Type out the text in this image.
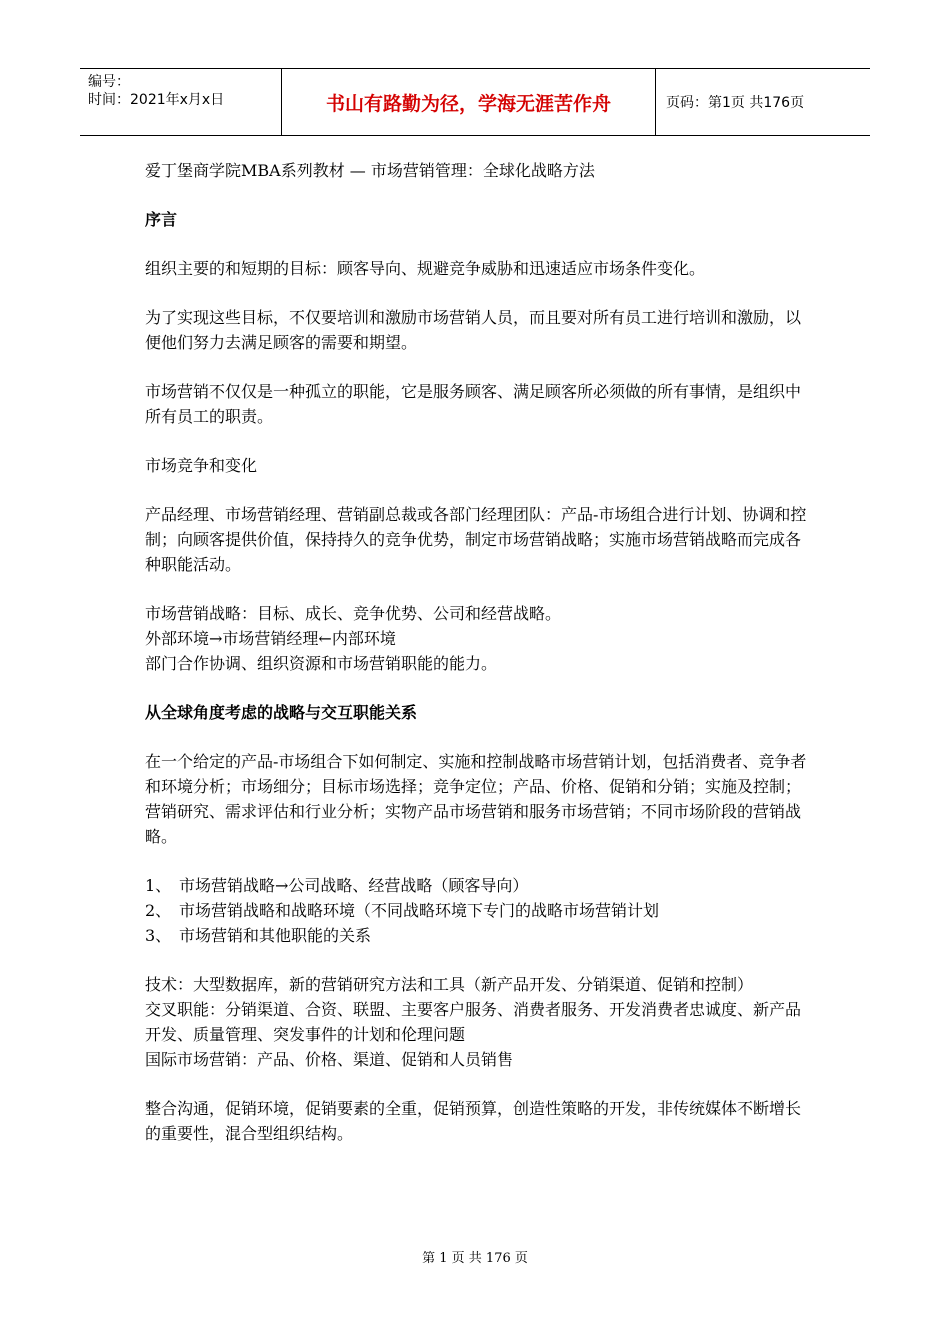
编号：
时间：2021年x月x日	书山有路勤为径，学海无涯苦作舟	页码：第1页 共176页

爱丁堡商学院MBA系列教材 — 市场营销管理：全球化战略方法

序言

组织主要的和短期的目标：顾客导向、规避竞争威胁和迅速适应市场条件变化。

为了实现这些目标，不仅要培训和激励市场营销人员，而且要对所有员工进行培训和激励，以便他们努力去满足顾客的需要和期望。

市场营销不仅仅是一种孤立的职能，它是服务顾客、满足顾客所必须做的所有事情，是组织中所有员工的职责。

市场竞争和变化

产品经理、市场营销经理、营销副总裁或各部门经理团队：产品-市场组合进行计划、协调和控制；向顾客提供价值，保持持久的竞争优势，制定市场营销战略；实施市场营销战略而完成各种职能活动。

市场营销战略：目标、成长、竞争优势、公司和经营战略。

外部环境→市场营销经理←内部环境

部门合作协调、组织资源和市场营销职能的能力。

从全球角度考虑的战略与交互职能关系

在一个给定的产品-市场组合下如何制定、实施和控制战略市场营销计划，包括消费者、竞争者和环境分析；市场细分；目标市场选择；竞争定位；产品、价格、促销和分销；实施及控制；营销研究、需求评估和行业分析；实物产品市场营销和服务市场营销；不同市场阶段的营销战略。

1、 市场营销战略→公司战略、经营战略（顾客导向）
2、 市场营销战略和战略环境（不同战略环境下专门的战略市场营销计划
3、 市场营销和其他职能的关系

技术：大型数据库，新的营销研究方法和工具（新产品开发、分销渠道、促销和控制）

交叉职能：分销渠道、合资、联盟、主要客户服务、消费者服务、开发消费者忠诚度、新产品开发、质量管理、突发事件的计划和伦理问题

国际市场营销：产品、价格、渠道、促销和人员销售

整合沟通，促销环境，促销要素的全重，促销预算，创造性策略的开发，非传统媒体不断增长的重要性，混合型组织结构。

第 1 页 共 176 页
